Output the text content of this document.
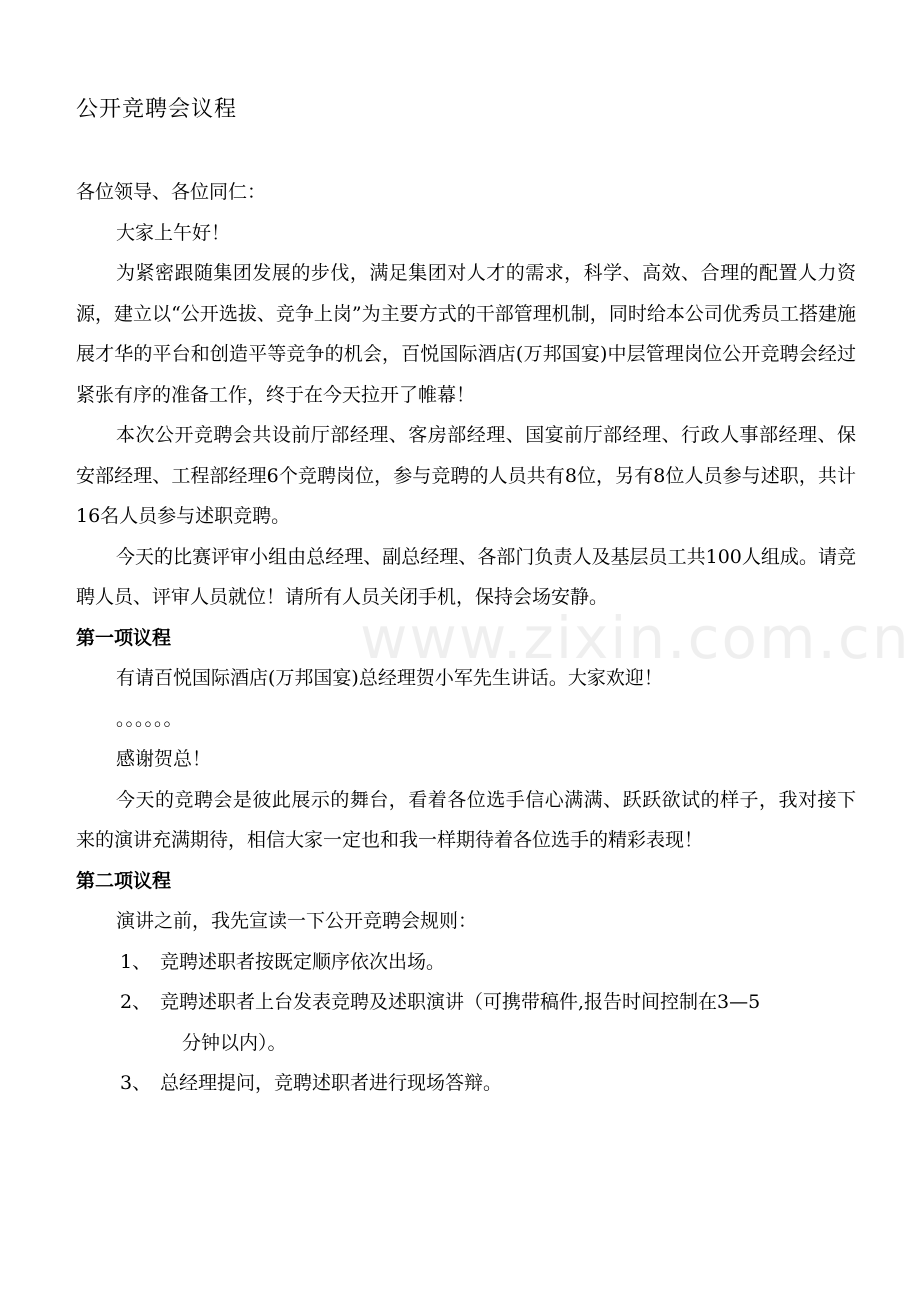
www.zixin.com.cn
公开竞聘会议程

各位领导、各位同仁：

大家上午好！

为紧密跟随集团发展的步伐，满足集团对人才的需求，科学、高效、合理的配置人力资源，建立以“公开选拔、竞争上岗”为主要方式的干部管理机制，同时给本公司优秀员工搭建施展才华的平台和创造平等竞争的机会，百悦国际酒店(万邦国宴)中层管理岗位公开竞聘会经过紧张有序的准备工作，终于在今天拉开了帷幕！

本次公开竞聘会共设前厅部经理、客房部经理、国宴前厅部经理、行政人事部经理、保安部经理、工程部经理6个竞聘岗位，参与竞聘的人员共有8位，另有8位人员参与述职，共计16名人员参与述职竞聘。

今天的比赛评审小组由总经理、副总经理、各部门负责人及基层员工共100人组成。请竞聘人员、评审人员就位！请所有人员关闭手机，保持会场安静。

第一项议程

有请百悦国际酒店(万邦国宴)总经理贺小军先生讲话。大家欢迎！

。。。。。。

感谢贺总！

今天的竞聘会是彼此展示的舞台，看着各位选手信心满满、跃跃欲试的样子，我对接下来的演讲充满期待，相信大家一定也和我一样期待着各位选手的精彩表现！

第二项议程

演讲之前，我先宣读一下公开竞聘会规则：

1、 竞聘述职者按既定顺序依次出场。

2、 竞聘述职者上台发表竞聘及述职演讲（可携带稿件,报告时间控制在3—5

分钟以内）。

3、 总经理提问，竞聘述职者进行现场答辩。
